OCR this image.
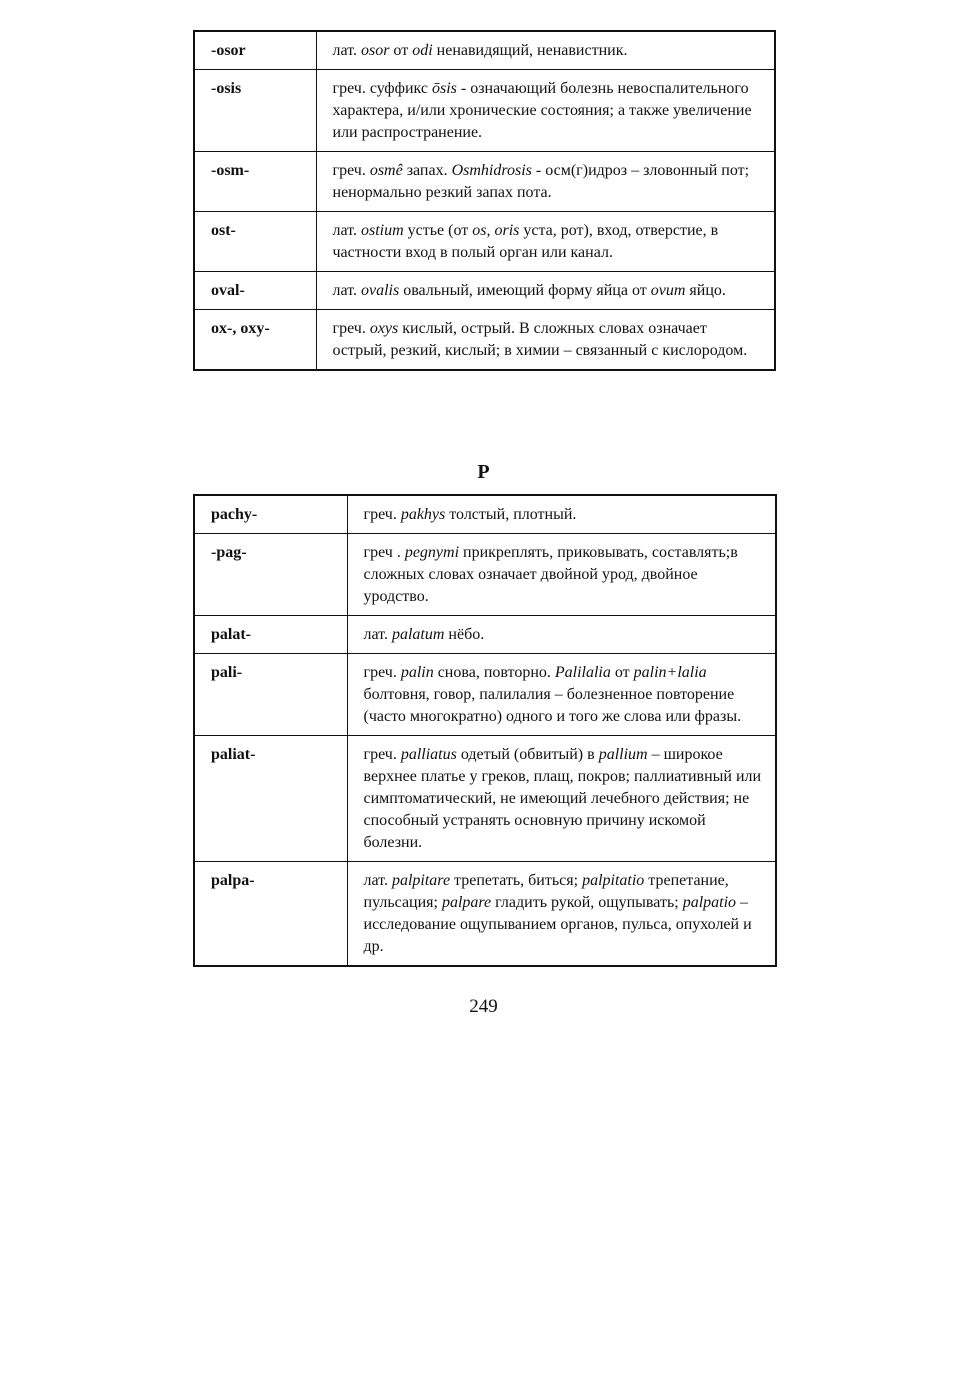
-osor	лат. osor от odi ненавидящий, ненавистник.
-osis	греч. суффикс ōsis - означающий болезнь невоспалительного характера, и/или хронические состояния; а также увеличение или распространение.
-osm-	греч. osmê запах. Osmhidrosis - осм(г)идроз – зловонный пот; ненормально резкий запах пота.
ost-	лат. ostium устье (от os, oris уста, рот), вход, отверстие, в частности вход в полый орган или канал.
oval-	лат. ovalis овальный, имеющий форму яйца от ovum яйцо.
ox-, oxy-	греч. oxys кислый, острый. В сложных словах означает острый, резкий, кислый; в химии – связанный с кислородом.
P
pachy-	греч. pakhys толстый, плотный.
-pag-	греч . pegnymi прикреплять, приковывать, составлять;в сложных словах означает двойной урод, двойное уродство.
palat-	лат. palatum нёбо.
pali-	греч. palin снова, повторно. Palilalia от palin+lalia болтовня, говор, палилалия – болезненное повторение (часто многократно) одного и того же слова или фразы.
paliat-	греч. palliatus одетый (обвитый) в pallium – широкое верхнее платье у греков, плащ, покров; паллиативный или симптоматический, не имеющий лечебного действия; не способный устранять основную причину искомой болезни.
palpa-	лат. palpitare трепетать, биться; palpitatio трепетание, пульсация; palpare гладить рукой, ощупывать; palpatio – исследование ощупыванием органов, пульса, опухолей и др.
249
